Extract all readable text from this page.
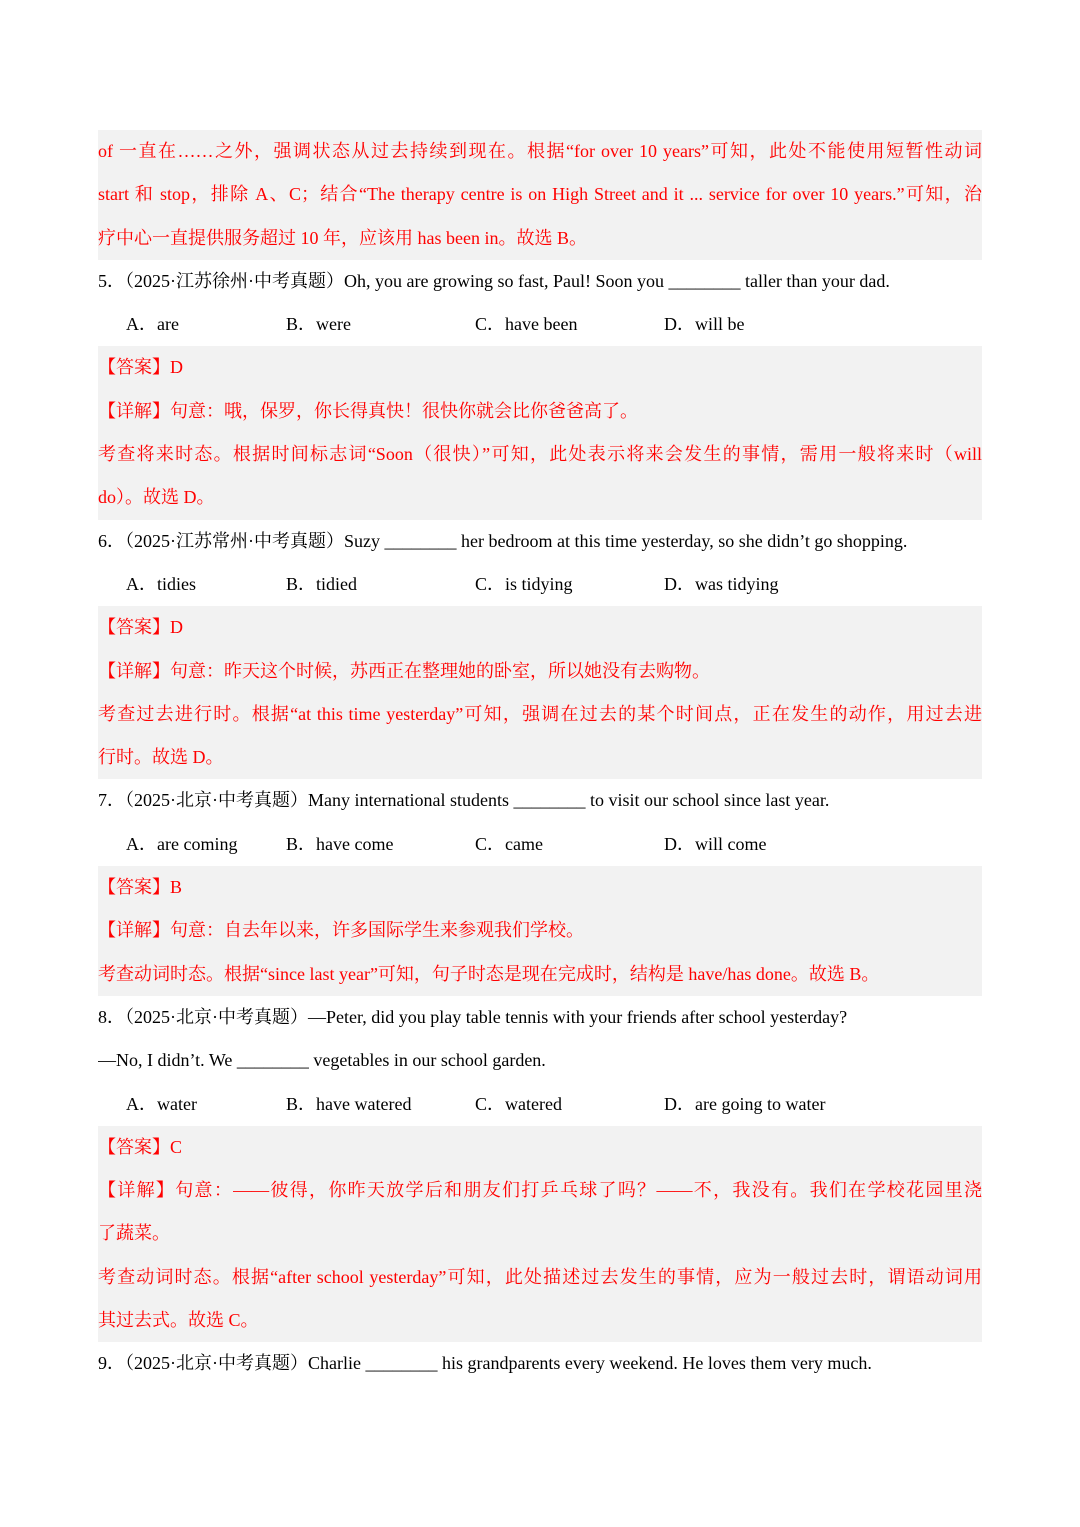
of 一直在……之外，强调状态从过去持续到现在。根据“for over 10 years”可知，此处不能使用短暂性动词
start 和 stop，排除 A、C；结合“The therapy centre is on High Street and it ... service for over 10 years.”可知，治
疗中心一直提供服务超过 10 年，应该用 has been in。故选 B。
5．（2025·江苏徐州·中考真题）Oh, you are growing so fast, Paul! Soon you ________ taller than your dad.
A．are	B．were	C．have been	D．will be
【答案】D
【详解】句意：哦，保罗，你长得真快！很快你就会比你爸爸高了。
考查将来时态。根据时间标志词“Soon（很快）”可知，此处表示将来会发生的事情，需用一般将来时（will
do）。故选 D。
6．（2025·江苏常州·中考真题）Suzy ________ her bedroom at this time yesterday, so she didn’t go shopping.
A．tidies	B．tidied	C．is tidying	D．was tidying
【答案】D
【详解】句意：昨天这个时候，苏西正在整理她的卧室，所以她没有去购物。
考查过去进行时。根据“at this time yesterday”可知，强调在过去的某个时间点，正在发生的动作，用过去进
行时。故选 D。
7．（2025·北京·中考真题）Many international students ________ to visit our school since last year.
A．are coming	B．have come	C．came	D．will come
【答案】B
【详解】句意：自去年以来，许多国际学生来参观我们学校。
考查动词时态。根据“since last year”可知，句子时态是现在完成时，结构是 have/has done。故选 B。
8．（2025·北京·中考真题）—Peter, did you play table tennis with your friends after school yesterday?
—No, I didn’t. We ________ vegetables in our school garden.
A．water	B．have watered	C．watered	D．are going to water
【答案】C
【详解】句意：——彼得，你昨天放学后和朋友们打乒乓球了吗？——不，我没有。我们在学校花园里浇
了蔬菜。
考查动词时态。根据“after school yesterday”可知，此处描述过去发生的事情，应为一般过去时，谓语动词用
其过去式。故选 C。
9．（2025·北京·中考真题）Charlie ________ his grandparents every weekend. He loves them very much.
